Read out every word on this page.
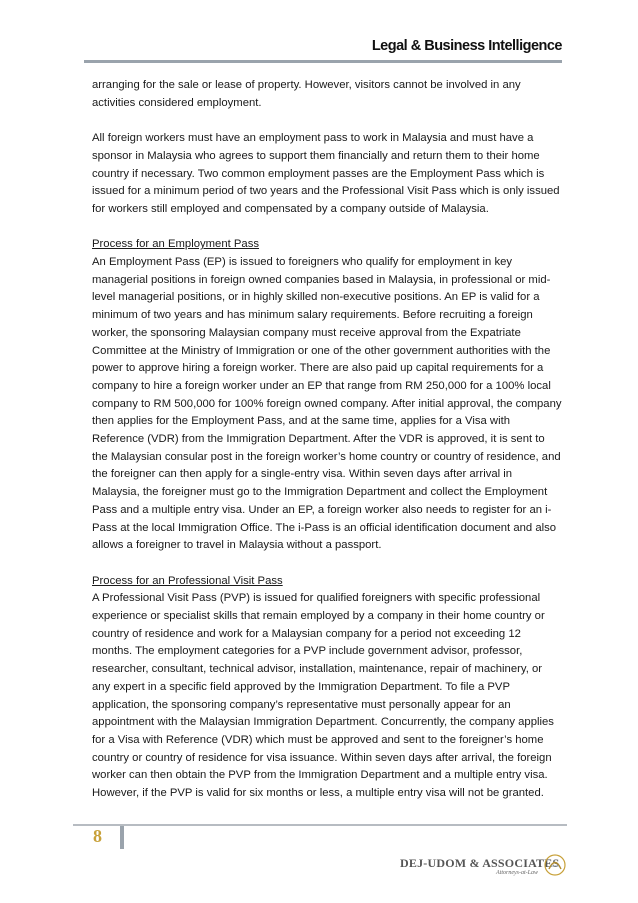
Legal & Business Intelligence

arranging for the sale or lease of property. However, visitors cannot be involved in any activities considered employment.

All foreign workers must have an employment pass to work in Malaysia and must have a sponsor in Malaysia who agrees to support them financially and return them to their home country if necessary. Two common employment passes are the Employment Pass which is issued for a minimum period of two years and the Professional Visit Pass which is only issued for workers still employed and compensated by a company outside of Malaysia.

Process for an Employment Pass

An Employment Pass (EP) is issued to foreigners who qualify for employment in key managerial positions in foreign owned companies based in Malaysia, in professional or mid-level managerial positions, or in highly skilled non-executive positions. An EP is valid for a minimum of two years and has minimum salary requirements. Before recruiting a foreign worker, the sponsoring Malaysian company must receive approval from the Expatriate Committee at the Ministry of Immigration or one of the other government authorities with the power to approve hiring a foreign worker. There are also paid up capital requirements for a company to hire a foreign worker under an EP that range from RM 250,000 for a 100% local company to RM 500,000 for 100% foreign owned company. After initial approval, the company then applies for the Employment Pass, and at the same time, applies for a Visa with Reference (VDR) from the Immigration Department. After the VDR is approved, it is sent to the Malaysian consular post in the foreign worker’s home country or country of residence, and the foreigner can then apply for a single-entry visa. Within seven days after arrival in Malaysia, the foreigner must go to the Immigration Department and collect the Employment Pass and a multiple entry visa. Under an EP, a foreign worker also needs to register for an i-Pass at the local Immigration Office. The i-Pass is an official identification document and also allows a foreigner to travel in Malaysia without a passport.

Process for an Professional Visit Pass

A Professional Visit Pass (PVP) is issued for qualified foreigners with specific professional experience or specialist skills that remain employed by a company in their home country or country of residence and work for a Malaysian company for a period not exceeding 12 months. The employment categories for a PVP include government advisor, professor, researcher, consultant, technical advisor, installation, maintenance, repair of machinery, or any expert in a specific field approved by the Immigration Department. To file a PVP application, the sponsoring company’s representative must personally appear for an appointment with the Malaysian Immigration Department. Concurrently, the company applies for a Visa with Reference (VDR) which must be approved and sent to the foreigner’s home country or country of residence for visa issuance. Within seven days after arrival, the foreign worker can then obtain the PVP from the Immigration Department and a multiple entry visa. However, if the PVP is valid for six months or less, a multiple entry visa will not be granted.

8
DEJ-UDOM & ASSOCIATES
Attorneys-at-Law
